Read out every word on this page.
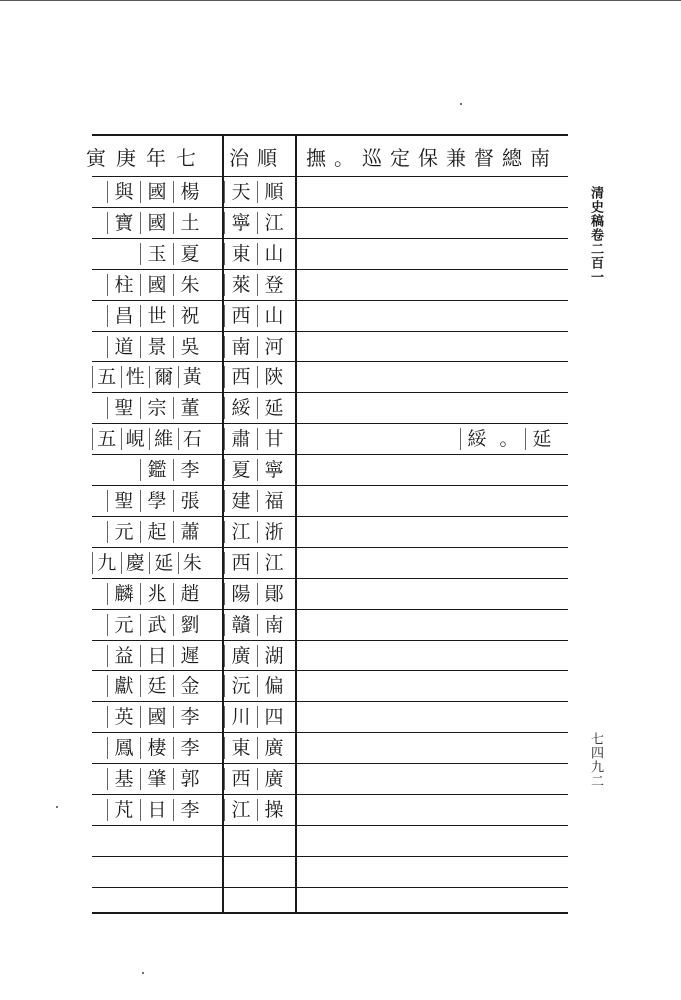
寅庚年七	治順	撫。巡定保兼督總南
與 國 楊	天 順
寶 國 土	寧 江
玉 夏	東 山
柱 國 朱	萊 登
昌 世 祝	西 山
道 景 吳	南 河
五 性 爾 黃	西 陝
聖 宗 董	綏 延
五 峴 維 石	肅 甘	綏 。 延
鑑 李	夏 寧
聖 學 張	建 福
元 起 蕭	江 浙
九 慶 延 朱	西 江
麟 兆 趙	陽 鄖
元 武 劉	贛 南
益 日 遲	廣 湖
獻 廷 金	沅 偏
英 國 李	川 四
鳳 棲 李	東 廣
基 肇 郭	西 廣
芃 日 李	江 操
清史稿卷二百一
七四九二
